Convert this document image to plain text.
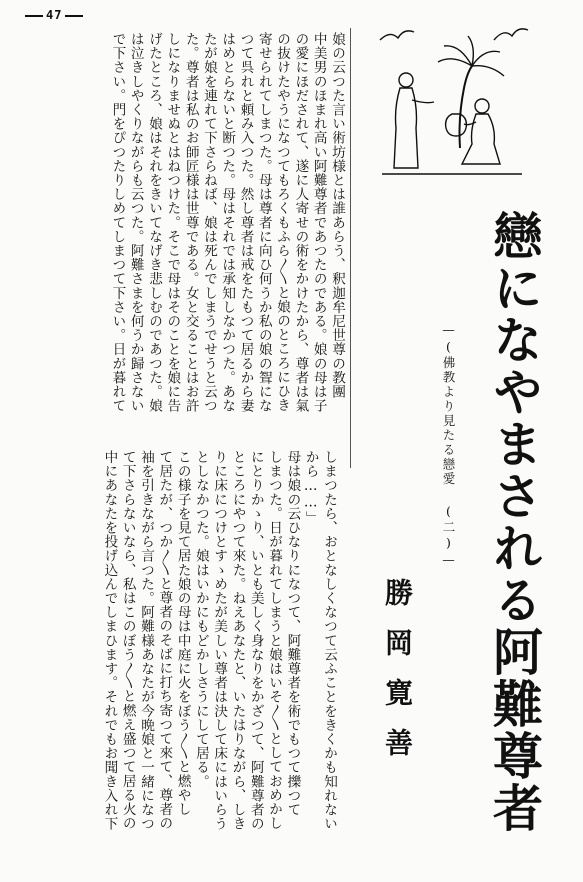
47
娘の云つた言い術坊様とは誰あらう、釈迦牟尼世尊の教團
中美男のほまれ高い阿難尊者であつたのである。娘の母は子
の愛にほだされて、遂に人寄せの術をかけたから、尊者は氣
の抜けたやうになつてもろくもふら〳〵と娘のところにひき
寄せられてしまつた。母は尊者に向ひ何うか私の娘の聟にな
つて呉れと頼み入つた。然し尊者は戒をたもつて居るから妻
はめとらないと断つた。母はそれでは承知しなかつた。あな
たが娘を連れて下さらねば、娘は死んでしまうでせうと云つ
た。尊者は私のお師匠様は世尊である。女と交ることはお許
しになりませぬとはねつけた。そこで母はそのことを娘に告
げたところ、娘はそれをきいてなげき悲しむのであつた。娘
は泣きしやくりながらも云つた。阿難さまを何うか歸さない
で下さい。門をぴつたりしめてしまつて下さい。日が暮れて
しまつたら、おとなしくなつて云ふことをきくかも知れない
から……」
母は娘の云ひなりになつて、阿難尊者を術でもつて擽つて
しまつた。日が暮れてしまうと娘はいそ〳〵としておめかし
にとりかゝり、いとも美しく身なりをかざつて、阿難尊者の
ところにやつて來た。ねえあなたと、いたはりながら、しき
りに床につけとすゝめたが美しい尊者は決して床にはいらう
としなかつた。娘はいかにもどかしさうにして居る。
この様子を見て居た娘の母は中庭に火をぼう〳〵と燃やし
て居たが、つか〳〵と尊者のそばに打ち寄つて來て、尊者の
袖を引きながら言つた。阿難様あなたが今晩娘と一緒になつ
て下さらないなら、私はこのぼう〳〵と燃え盛つて居る火の
中にあなたを投げ込んでしまひます。それでもお聞き入れ下	戀になやまされる阿難尊者
—(佛教より見たる戀愛 (二)—
勝岡寛善
